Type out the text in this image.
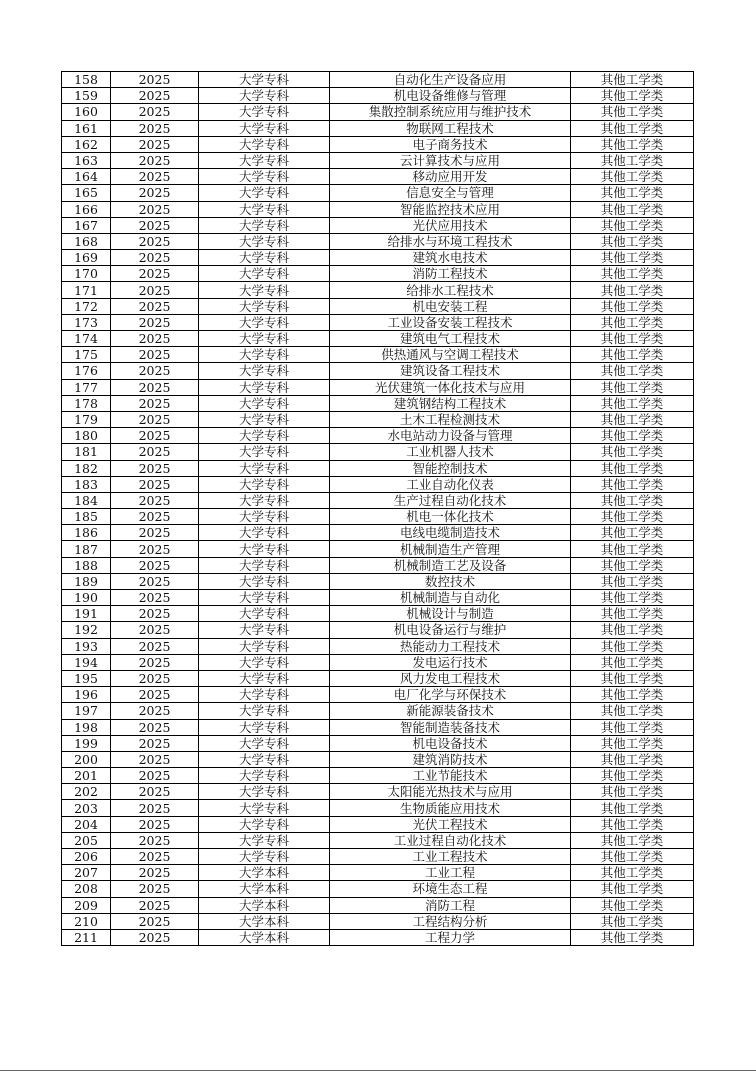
158	2025	大学专科	自动化生产设备应用	其他工学类
159	2025	大学专科	机电设备维修与管理	其他工学类
160	2025	大学专科	集散控制系统应用与维护技术	其他工学类
161	2025	大学专科	物联网工程技术	其他工学类
162	2025	大学专科	电子商务技术	其他工学类
163	2025	大学专科	云计算技术与应用	其他工学类
164	2025	大学专科	移动应用开发	其他工学类
165	2025	大学专科	信息安全与管理	其他工学类
166	2025	大学专科	智能监控技术应用	其他工学类
167	2025	大学专科	光伏应用技术	其他工学类
168	2025	大学专科	给排水与环境工程技术	其他工学类
169	2025	大学专科	建筑水电技术	其他工学类
170	2025	大学专科	消防工程技术	其他工学类
171	2025	大学专科	给排水工程技术	其他工学类
172	2025	大学专科	机电安装工程	其他工学类
173	2025	大学专科	工业设备安装工程技术	其他工学类
174	2025	大学专科	建筑电气工程技术	其他工学类
175	2025	大学专科	供热通风与空调工程技术	其他工学类
176	2025	大学专科	建筑设备工程技术	其他工学类
177	2025	大学专科	光伏建筑一体化技术与应用	其他工学类
178	2025	大学专科	建筑钢结构工程技术	其他工学类
179	2025	大学专科	土木工程检测技术	其他工学类
180	2025	大学专科	水电站动力设备与管理	其他工学类
181	2025	大学专科	工业机器人技术	其他工学类
182	2025	大学专科	智能控制技术	其他工学类
183	2025	大学专科	工业自动化仪表	其他工学类
184	2025	大学专科	生产过程自动化技术	其他工学类
185	2025	大学专科	机电一体化技术	其他工学类
186	2025	大学专科	电线电缆制造技术	其他工学类
187	2025	大学专科	机械制造生产管理	其他工学类
188	2025	大学专科	机械制造工艺及设备	其他工学类
189	2025	大学专科	数控技术	其他工学类
190	2025	大学专科	机械制造与自动化	其他工学类
191	2025	大学专科	机械设计与制造	其他工学类
192	2025	大学专科	机电设备运行与维护	其他工学类
193	2025	大学专科	热能动力工程技术	其他工学类
194	2025	大学专科	发电运行技术	其他工学类
195	2025	大学专科	风力发电工程技术	其他工学类
196	2025	大学专科	电厂化学与环保技术	其他工学类
197	2025	大学专科	新能源装备技术	其他工学类
198	2025	大学专科	智能制造装备技术	其他工学类
199	2025	大学专科	机电设备技术	其他工学类
200	2025	大学专科	建筑消防技术	其他工学类
201	2025	大学专科	工业节能技术	其他工学类
202	2025	大学专科	太阳能光热技术与应用	其他工学类
203	2025	大学专科	生物质能应用技术	其他工学类
204	2025	大学专科	光伏工程技术	其他工学类
205	2025	大学专科	工业过程自动化技术	其他工学类
206	2025	大学专科	工业工程技术	其他工学类
207	2025	大学本科	工业工程	其他工学类
208	2025	大学本科	环境生态工程	其他工学类
209	2025	大学本科	消防工程	其他工学类
210	2025	大学本科	工程结构分析	其他工学类
211	2025	大学本科	工程力学	其他工学类
